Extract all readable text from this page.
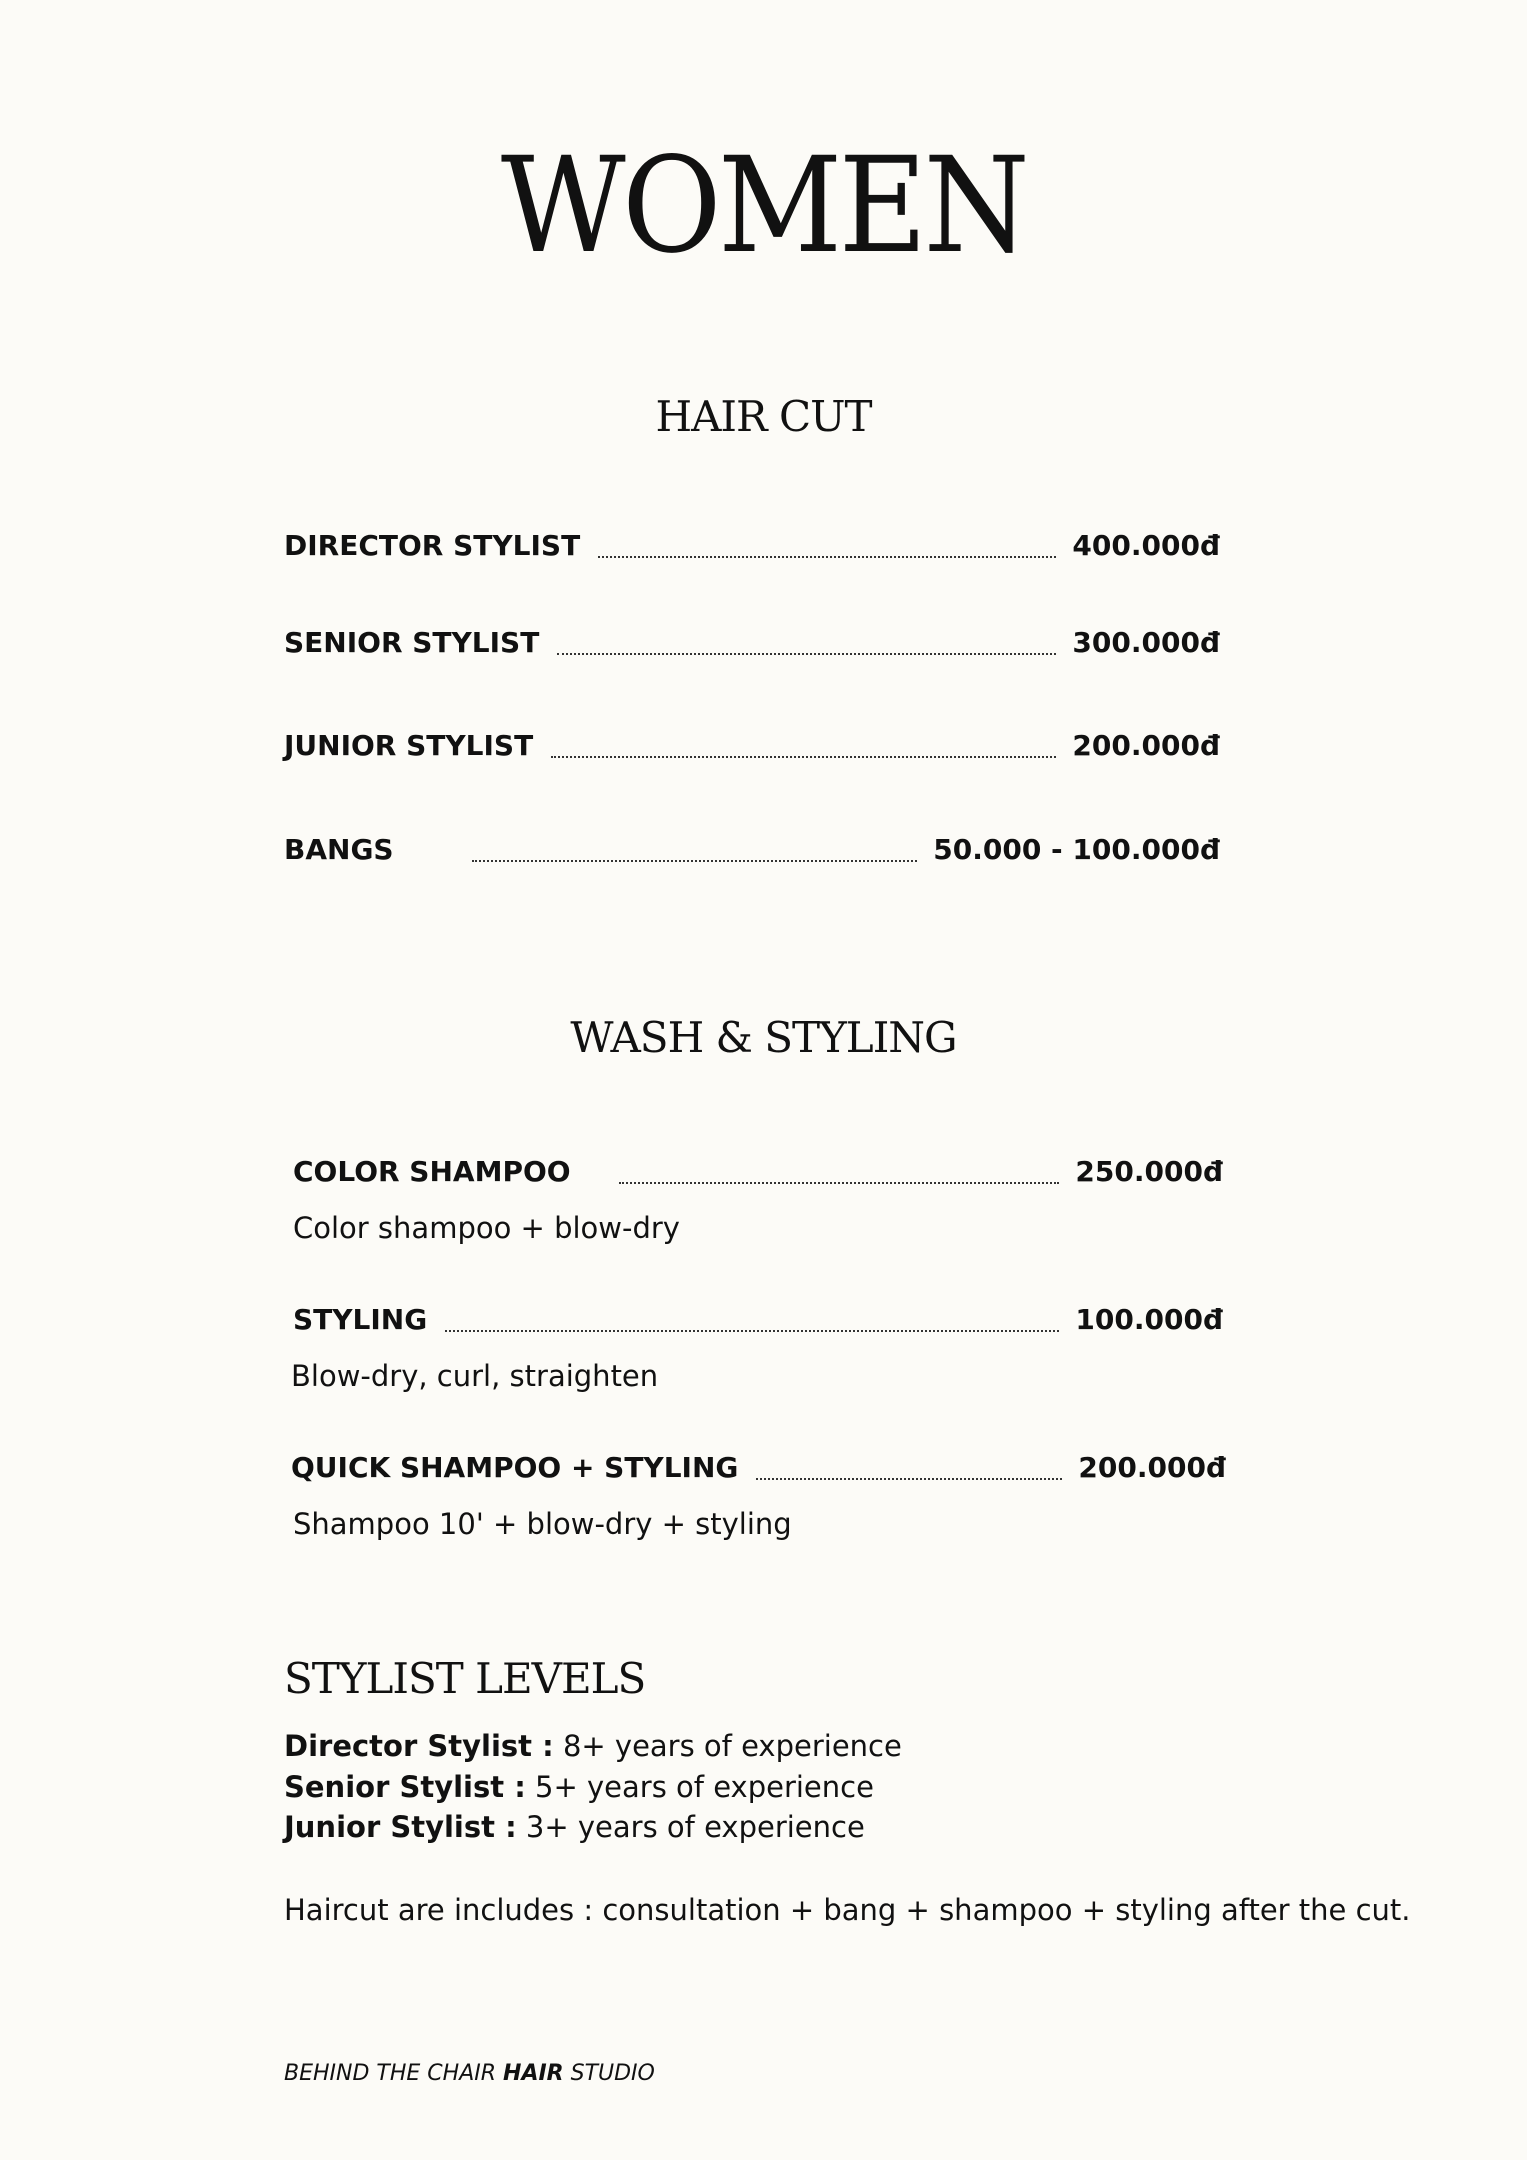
WOMEN
HAIR CUT
DIRECTOR STYLIST	400.000đ
SENIOR STYLIST	300.000đ
JUNIOR STYLIST	200.000đ
BANGS	50.000 - 100.000đ
WASH & STYLING
COLOR SHAMPOO	250.000đ
Color shampoo + blow-dry
STYLING	100.000đ
Blow-dry, curl, straighten
QUICK SHAMPOO + STYLING	200.000đ
Shampoo 10' + blow-dry + styling
STYLIST LEVELS
Director Stylist : 8+ years of experience
Senior Stylist : 5+ years of experience
Junior Stylist : 3+ years of experience
Haircut are includes : consultation + bang + shampoo + styling after the cut.
BEHIND THE CHAIR HAIR STUDIO
